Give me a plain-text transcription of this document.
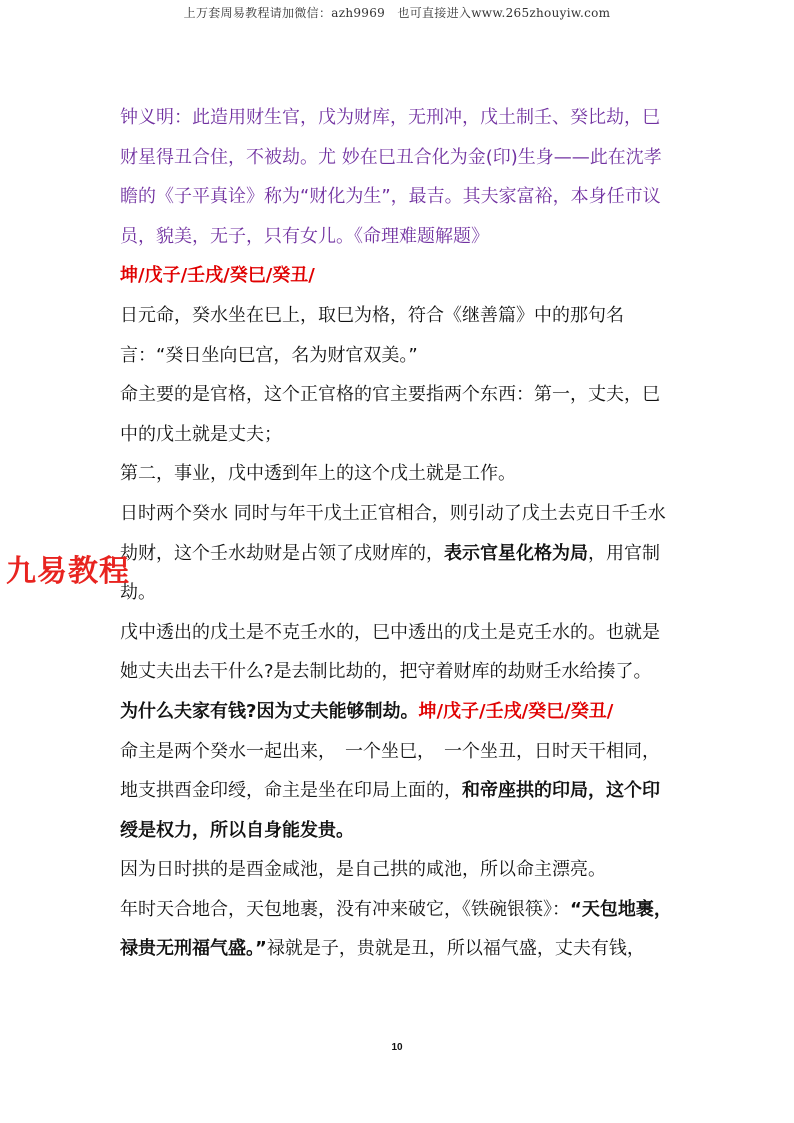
上万套周易教程请加微信：azh9969　也可直接进入www.265zhouyiw.com

钟义明：此造用财生官，戊为财库，无刑冲，戊土制壬、癸比劫，巳财星得丑合住，不被劫。尤 妙在巳丑合化为金(印)生身——此在沈孝瞻的《子平真诠》称为“财化为生”，最吉。其夫家富裕，本身任市议员，貌美，无子，只有女儿。《命理难题解题》

坤/戊子/壬戌/癸巳/癸丑/

日元命，癸水坐在巳上，取巳为格，符合《继善篇》中的那句名言：“癸日坐向巳宫，名为财官双美。”

命主要的是官格，这个正官格的官主要指两个东西：第一，丈夫，巳中的戊土就是丈夫；

第二，事业，戊中透到年上的这个戊土就是工作。

日时两个癸水 同时与年干戊土正官相合，则引动了戊土去克日千壬水劫财，这个壬水劫财是占领了戌财库的，表示官星化格为局，用官制劫。

戊中透出的戊土是不克壬水的，巳中透出的戊土是克壬水的。也就是她丈夫出去干什么?是去制比劫的，把守着财库的劫财壬水给揍了。

为什么夫家有钱?因为丈夫能够制劫。坤/戊子/壬戌/癸巳/癸丑/

命主是两个癸水一起出来，　一个坐巳，　一个坐丑，日时天干相同，地支拱酉金印绶，命主是坐在印局上面的，和帝座拱的印局，这个印绶是权力，所以自身能发贵。

因为日时拱的是酉金咸池，是自己拱的咸池，所以命主漂亮。

年时天合地合，天包地裹，没有冲来破它，《铁碗银筷》：“天包地裹，禄贵无刑福气盛。”禄就是子，贵就是丑，所以福气盛，丈夫有钱，

九易教程
10
